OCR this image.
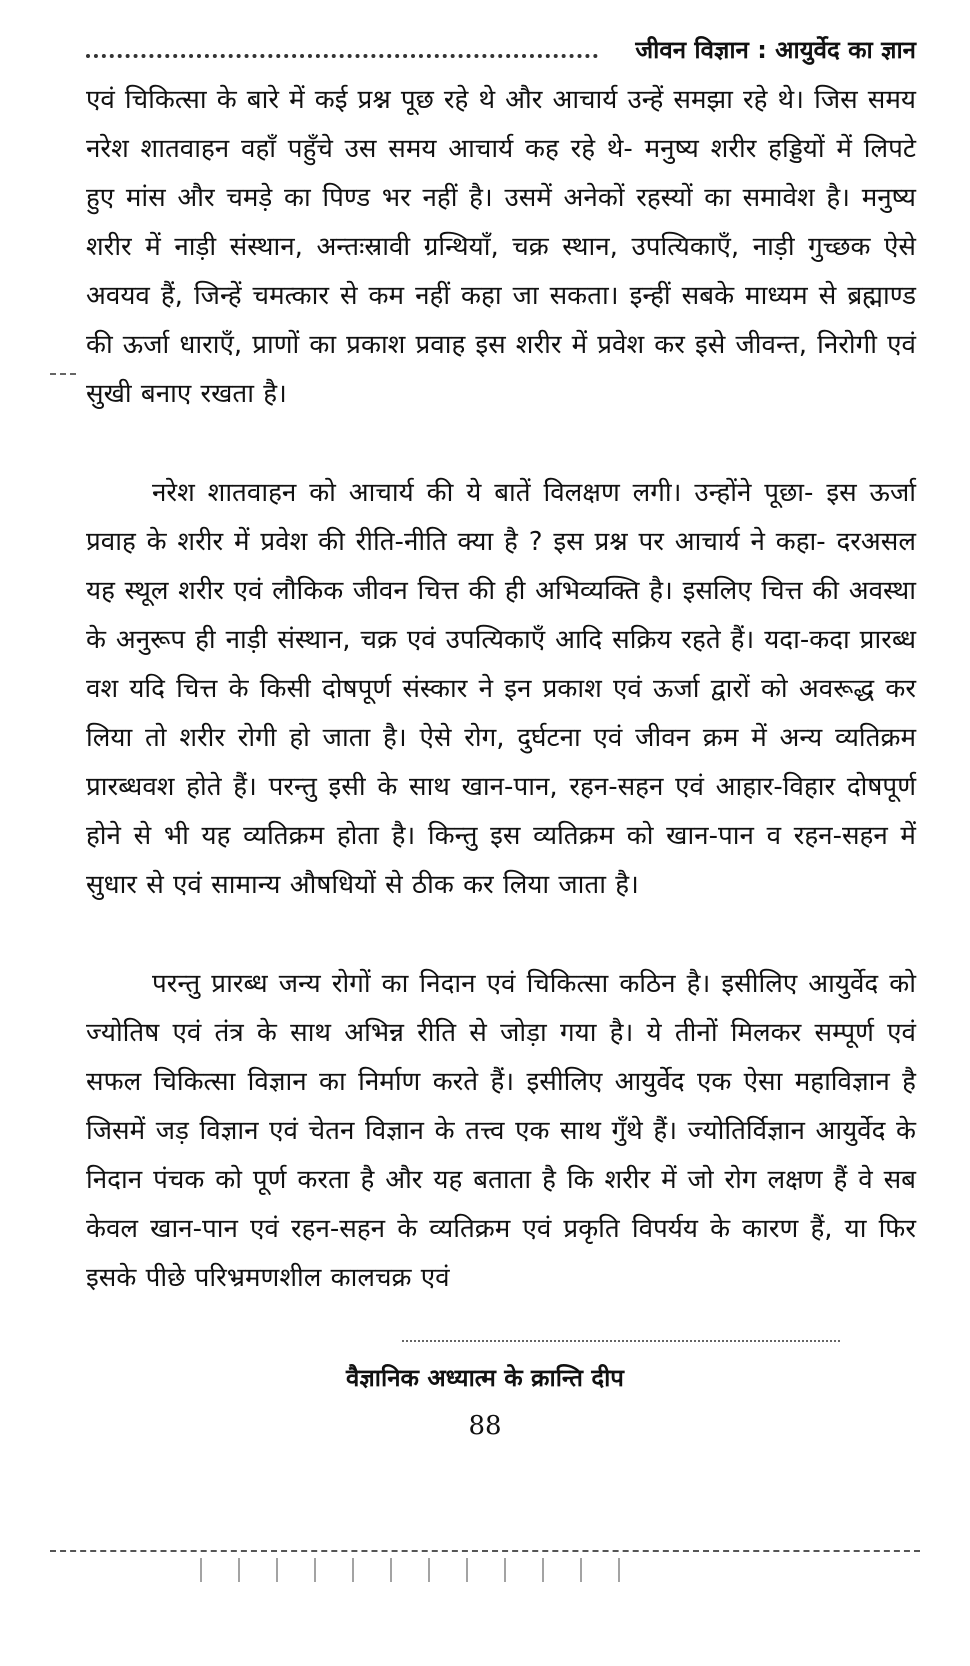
जीवन विज्ञान : आयुर्वेद का ज्ञान

एवं चिकित्सा के बारे में कई प्रश्न पूछ रहे थे और आचार्य उन्हें समझा रहे थे। जिस समय नरेश शातवाहन वहाँ पहुँचे उस समय आचार्य कह रहे थे- मनुष्य शरीर हड्डियों में लिपटे हुए मांस और चमड़े का पिण्ड भर नहीं है। उसमें अनेकों रहस्यों का समावेश है। मनुष्य शरीर में नाड़ी संस्थान, अन्तःस्रावी ग्रन्थियाँ, चक्र स्थान, उपत्यिकाएँ, नाड़ी गुच्छक ऐसे अवयव हैं, जिन्हें चमत्कार से कम नहीं कहा जा सकता। इन्हीं सबके माध्यम से ब्रह्माण्ड की ऊर्जा धाराएँ, प्राणों का प्रकाश प्रवाह इस शरीर में प्रवेश कर इसे जीवन्त, निरोगी एवं सुखी बनाए रखता है।

नरेश शातवाहन को आचार्य की ये बातें विलक्षण लगी। उन्होंने पूछा- इस ऊर्जा प्रवाह के शरीर में प्रवेश की रीति-नीति क्या है ? इस प्रश्न पर आचार्य ने कहा- दरअसल यह स्थूल शरीर एवं लौकिक जीवन चित्त की ही अभिव्यक्ति है। इसलिए चित्त की अवस्था के अनुरूप ही नाड़ी संस्थान, चक्र एवं उपत्यिकाएँ आदि सक्रिय रहते हैं। यदा-कदा प्रारब्ध वश यदि चित्त के किसी दोषपूर्ण संस्कार ने इन प्रकाश एवं ऊर्जा द्वारों को अवरूद्ध कर लिया तो शरीर रोगी हो जाता है। ऐसे रोग, दुर्घटना एवं जीवन क्रम में अन्य व्यतिक्रम प्रारब्धवश होते हैं। परन्तु इसी के साथ खान-पान, रहन-सहन एवं आहार-विहार दोषपूर्ण होने से भी यह व्यतिक्रम होता है। किन्तु इस व्यतिक्रम को खान-पान व रहन-सहन में सुधार से एवं सामान्य औषधियों से ठीक कर लिया जाता है।

परन्तु प्रारब्ध जन्य रोगों का निदान एवं चिकित्सा कठिन है। इसीलिए आयुर्वेद को ज्योतिष एवं तंत्र के साथ अभिन्न रीति से जोड़ा गया है। ये तीनों मिलकर सम्पूर्ण एवं सफल चिकित्सा विज्ञान का निर्माण करते हैं। इसीलिए आयुर्वेद एक ऐसा महाविज्ञान है जिसमें जड़ विज्ञान एवं चेतन विज्ञान के तत्त्व एक साथ गुँथे हैं। ज्योतिर्विज्ञान आयुर्वेद के निदान पंचक को पूर्ण करता है और यह बताता है कि शरीर में जो रोग लक्षण हैं वे सब केवल खान-पान एवं रहन-सहन के व्यतिक्रम एवं प्रकृति विपर्यय के कारण हैं, या फिर इसके पीछे परिभ्रमणशील कालचक्र एवं

वैज्ञानिक अध्यात्म के क्रान्ति दीप
88
